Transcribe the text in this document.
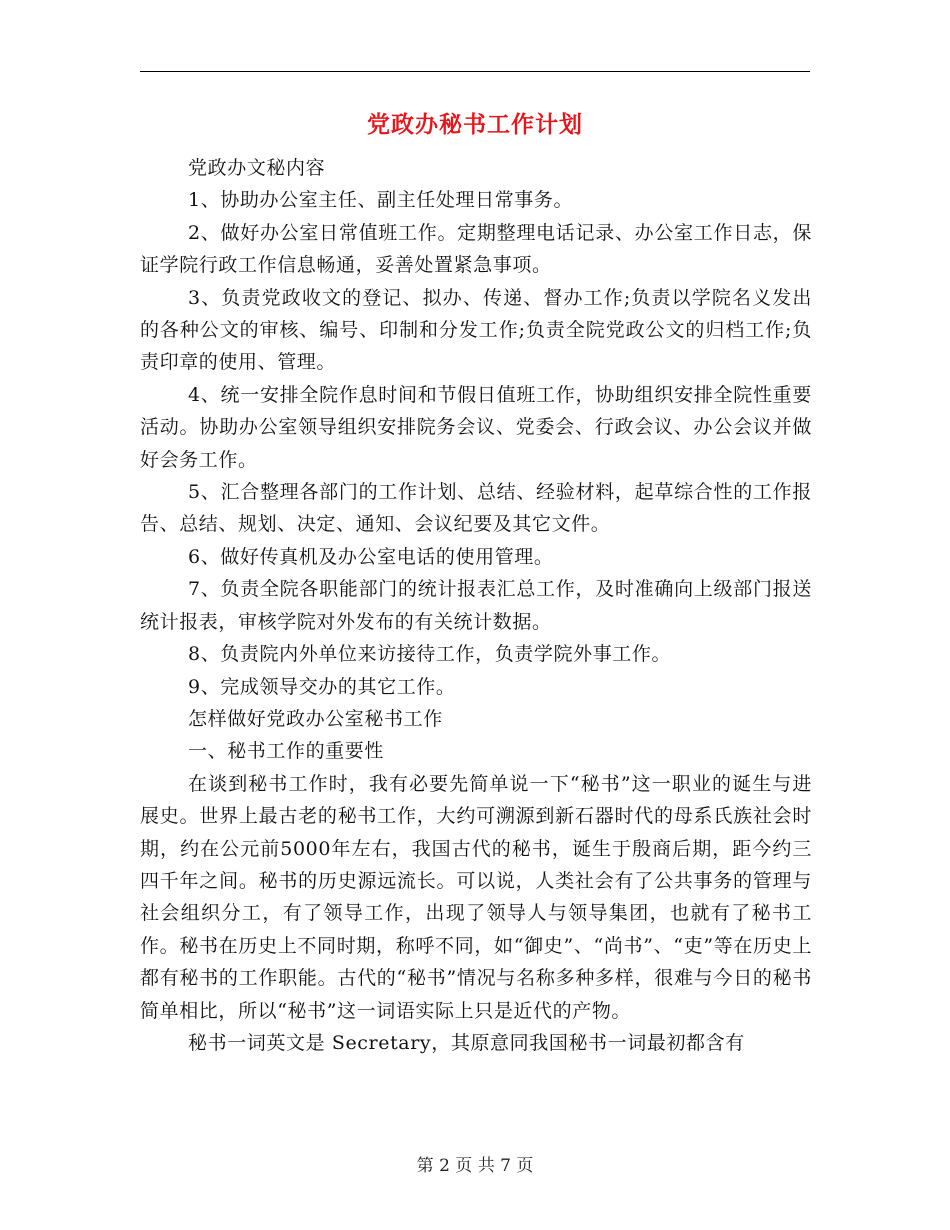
党政办秘书工作计划

党政办文秘内容

1、协助办公室主任、副主任处理日常事务。

2、做好办公室日常值班工作。定期整理电话记录、办公室工作日志，保证学院行政工作信息畅通，妥善处置紧急事项。

3、负责党政收文的登记、拟办、传递、督办工作;负责以学院名义发出的各种公文的审核、编号、印制和分发工作;负责全院党政公文的归档工作;负责印章的使用、管理。

4、统一安排全院作息时间和节假日值班工作，协助组织安排全院性重要活动。协助办公室领导组织安排院务会议、党委会、行政会议、办公会议并做好会务工作。

5、汇合整理各部门的工作计划、总结、经验材料，起草综合性的工作报告、总结、规划、决定、通知、会议纪要及其它文件。

6、做好传真机及办公室电话的使用管理。

7、负责全院各职能部门的统计报表汇总工作，及时准确向上级部门报送统计报表，审核学院对外发布的有关统计数据。

8、负责院内外单位来访接待工作，负责学院外事工作。

9、完成领导交办的其它工作。

怎样做好党政办公室秘书工作

一、秘书工作的重要性

在谈到秘书工作时，我有必要先简单说一下“秘书”这一职业的诞生与进展史。世界上最古老的秘书工作，大约可溯源到新石器时代的母系氏族社会时期，约在公元前5000年左右，我国古代的秘书，诞生于殷商后期，距今约三四千年之间。秘书的历史源远流长。可以说，人类社会有了公共事务的管理与社会组织分工，有了领导工作，出现了领导人与领导集团，也就有了秘书工作。秘书在历史上不同时期，称呼不同，如“御史”、“尚书”、“吏”等在历史上都有秘书的工作职能。古代的“秘书”情况与名称多种多样，很难与今日的秘书简单相比，所以“秘书”这一词语实际上只是近代的产物。

秘书一词英文是 Secretary，其原意同我国秘书一词最初都含有

第 2 页 共 7 页
